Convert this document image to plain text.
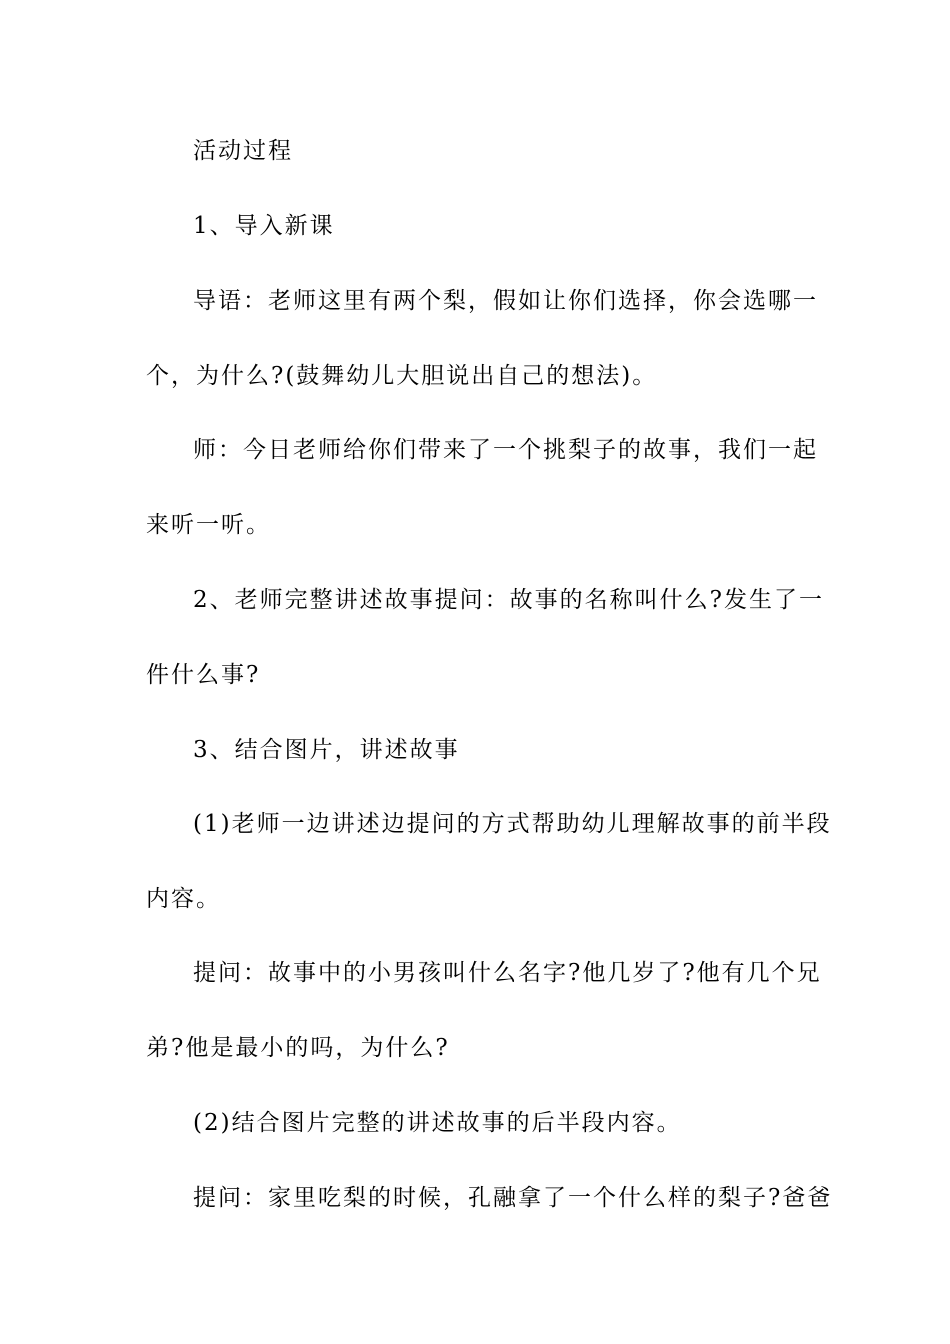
活动过程
1、导入新课
导语：老师这里有两个梨，假如让你们选择，你会选哪一
个，为什么?(鼓舞幼儿大胆说出自己的想法)。
师：今日老师给你们带来了一个挑梨子的故事，我们一起
来听一听。
2、老师完整讲述故事提问：故事的名称叫什么?发生了一
件什么事?
3、结合图片，讲述故事
(1)老师一边讲述边提问的方式帮助幼儿理解故事的前半段
内容。
提问：故事中的小男孩叫什么名字?他几岁了?他有几个兄
弟?他是最小的吗，为什么?
(2)结合图片完整的讲述故事的后半段内容。
提问：家里吃梨的时候，孔融拿了一个什么样的梨子?爸爸
